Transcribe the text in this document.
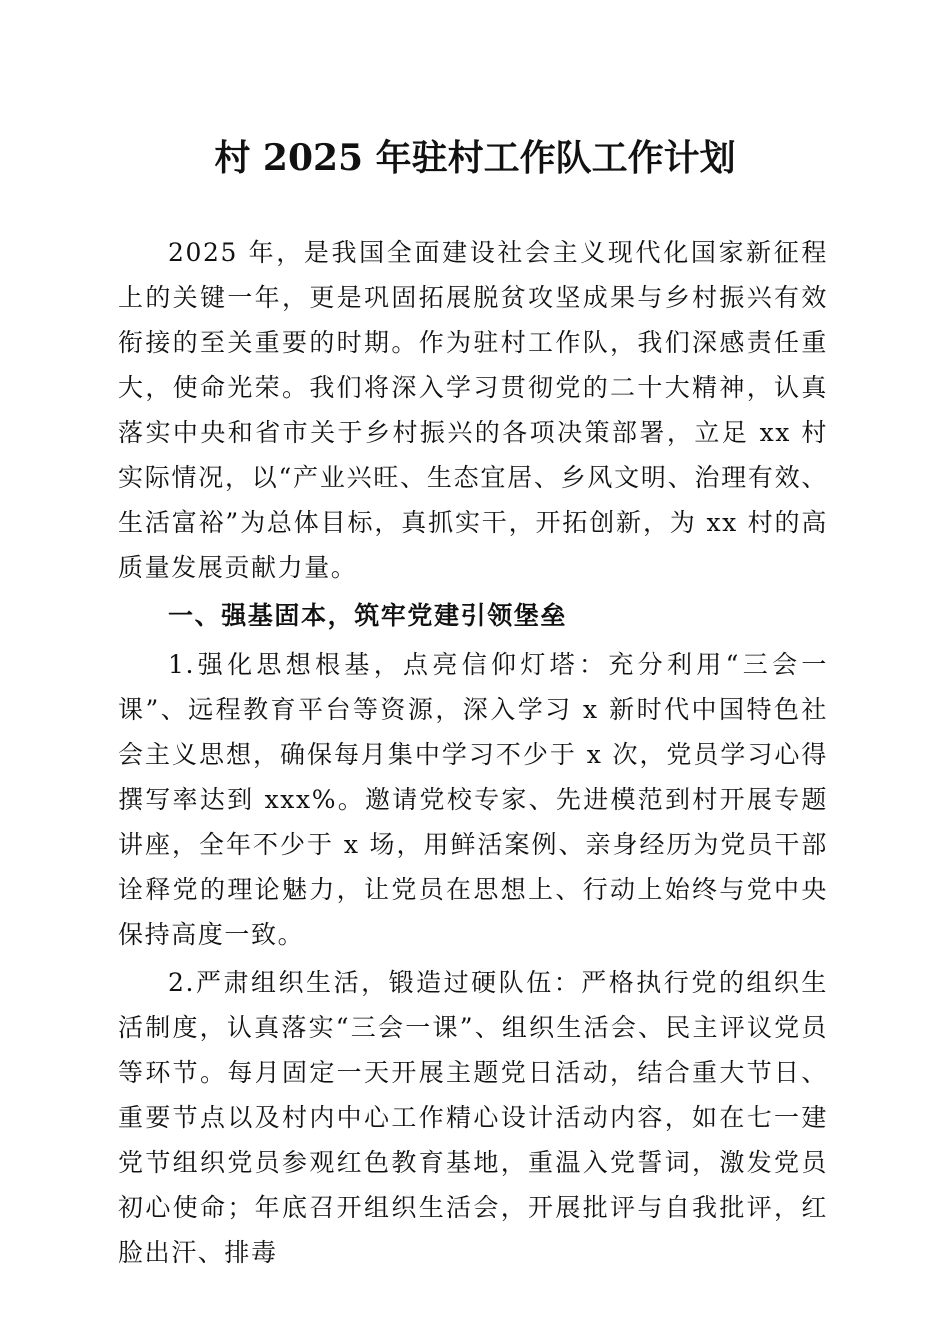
村 2025 年驻村工作队工作计划

2025 年，是我国全面建设社会主义现代化国家新征程上的关键一年，更是巩固拓展脱贫攻坚成果与乡村振兴有效衔接的至关重要的时期。作为驻村工作队，我们深感责任重大，使命光荣。我们将深入学习贯彻党的二十大精神，认真落实中央和省市关于乡村振兴的各项决策部署，立足 xx 村实际情况，以“产业兴旺、生态宜居、乡风文明、治理有效、生活富裕”为总体目标，真抓实干，开拓创新，为 xx 村的高质量发展贡献力量。

一、强基固本，筑牢党建引领堡垒

1.强化思想根基，点亮信仰灯塔：充分利用“三会一课”、远程教育平台等资源，深入学习 x 新时代中国特色社会主义思想，确保每月集中学习不少于 x 次，党员学习心得撰写率达到 xxx%。邀请党校专家、先进模范到村开展专题讲座，全年不少于 x 场，用鲜活案例、亲身经历为党员干部诠释党的理论魅力，让党员在思想上、行动上始终与党中央保持高度一致。

2.严肃组织生活，锻造过硬队伍：严格执行党的组织生活制度，认真落实“三会一课”、组织生活会、民主评议党员等环节。每月固定一天开展主题党日活动，结合重大节日、重要节点以及村内中心工作精心设计活动内容，如在七一建党节组织党员参观红色教育基地，重温入党誓词，激发党员初心使命；年底召开组织生活会，开展批评与自我批评，红脸出汗、排毒
